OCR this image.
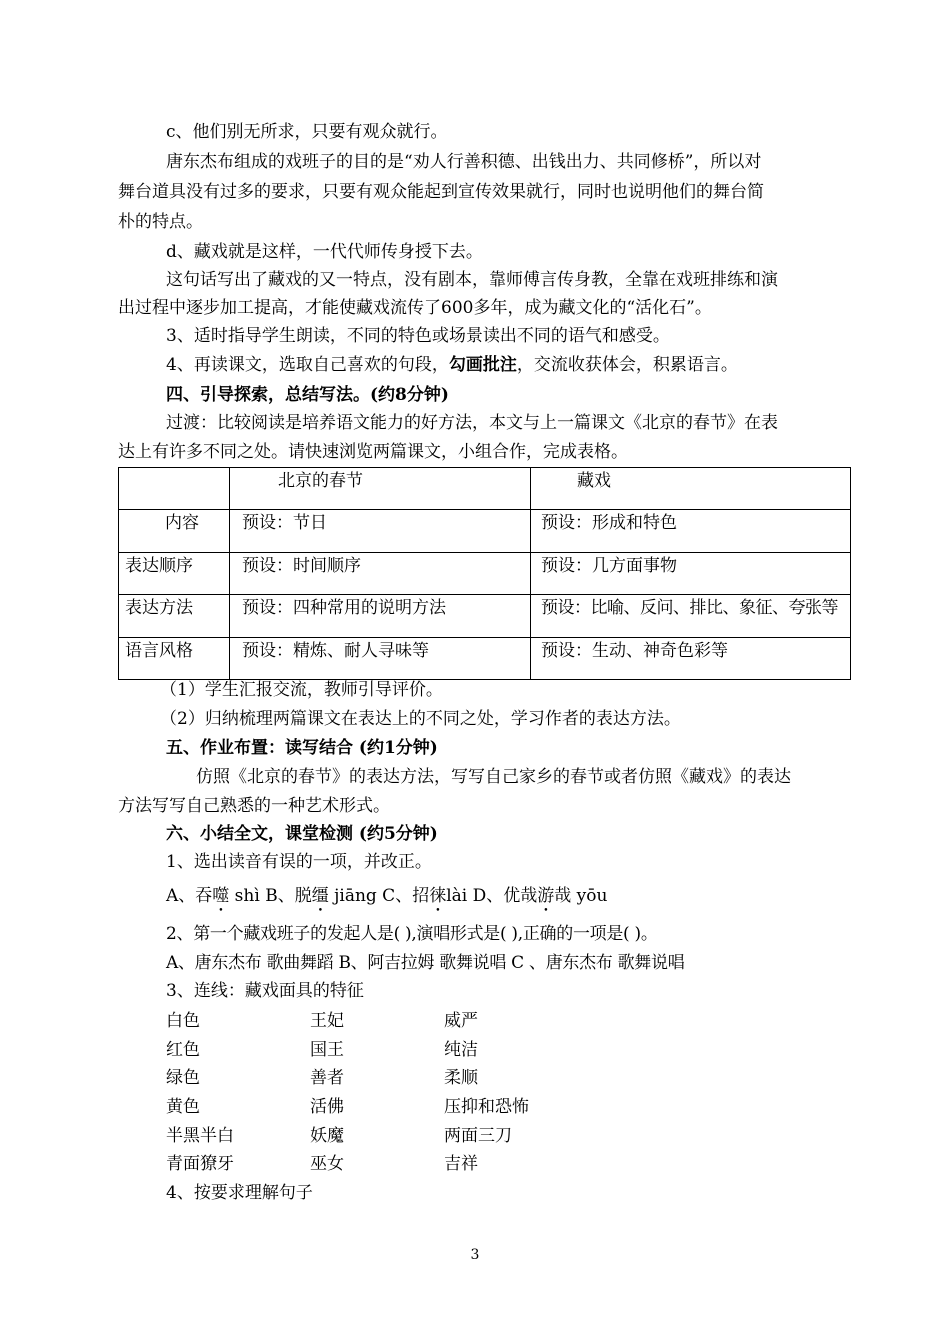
c、他们别无所求，只要有观众就行。
唐东杰布组成的戏班子的目的是“劝人行善积德、出钱出力、共同修桥”，所以对
舞台道具没有过多的要求，只要有观众能起到宣传效果就行，同时也说明他们的舞台简
朴的特点。
d、藏戏就是这样，一代代师传身授下去。
这句话写出了藏戏的又一特点，没有剧本，靠师傅言传身教，全靠在戏班排练和演
出过程中逐步加工提高，才能使藏戏流传了600多年，成为藏文化的“活化石”。
3、适时指导学生朗读，不同的特色或场景读出不同的语气和感受。
4、再读课文，选取自己喜欢的句段，勾画批注，交流收获体会，积累语言。
四、引导探索，总结写法。(约8分钟)
过渡：比较阅读是培养语文能力的好方法，本文与上一篇课文《北京的春节》在表
达上有许多不同之处。请快速浏览两篇课文，小组合作，完成表格。
	北京的春节	藏戏
内容	预设：节日	预设：形成和特色
表达顺序	预设：时间顺序	预设：几方面事物
表达方法	预设：四种常用的说明方法	预设：比喻、反问、排比、象征、夸张等
语言风格	预设：精炼、耐人寻味等	预设：生动、神奇色彩等
（1）学生汇报交流，教师引导评价。
（2）归纳梳理两篇课文在表达上的不同之处，学习作者的表达方法。
五、作业布置：读写结合 (约1分钟)
仿照《北京的春节》的表达方法，写写自己家乡的春节或者仿照《藏戏》的表达
方法写写自己熟悉的一种艺术形式。
六、小结全文，课堂检测 (约5分钟)
1、选出读音有误的一项，并改正。
A、吞噬 shì B、脱缰 jiāng C、招徕lài D、优哉游哉 yōu
2、第一个藏戏班子的发起人是( ),演唱形式是( ),正确的一项是( )。
A、唐东杰布 歌曲舞蹈 B、阿吉拉姆 歌舞说唱 C 、唐东杰布 歌舞说唱
3、连线：藏戏面具的特征
白色	王妃	威严
红色	国王	纯洁
绿色	善者	柔顺
黄色	活佛	压抑和恐怖
半黑半白	妖魔	两面三刀
青面獠牙	巫女	吉祥
4、按要求理解句子
3
